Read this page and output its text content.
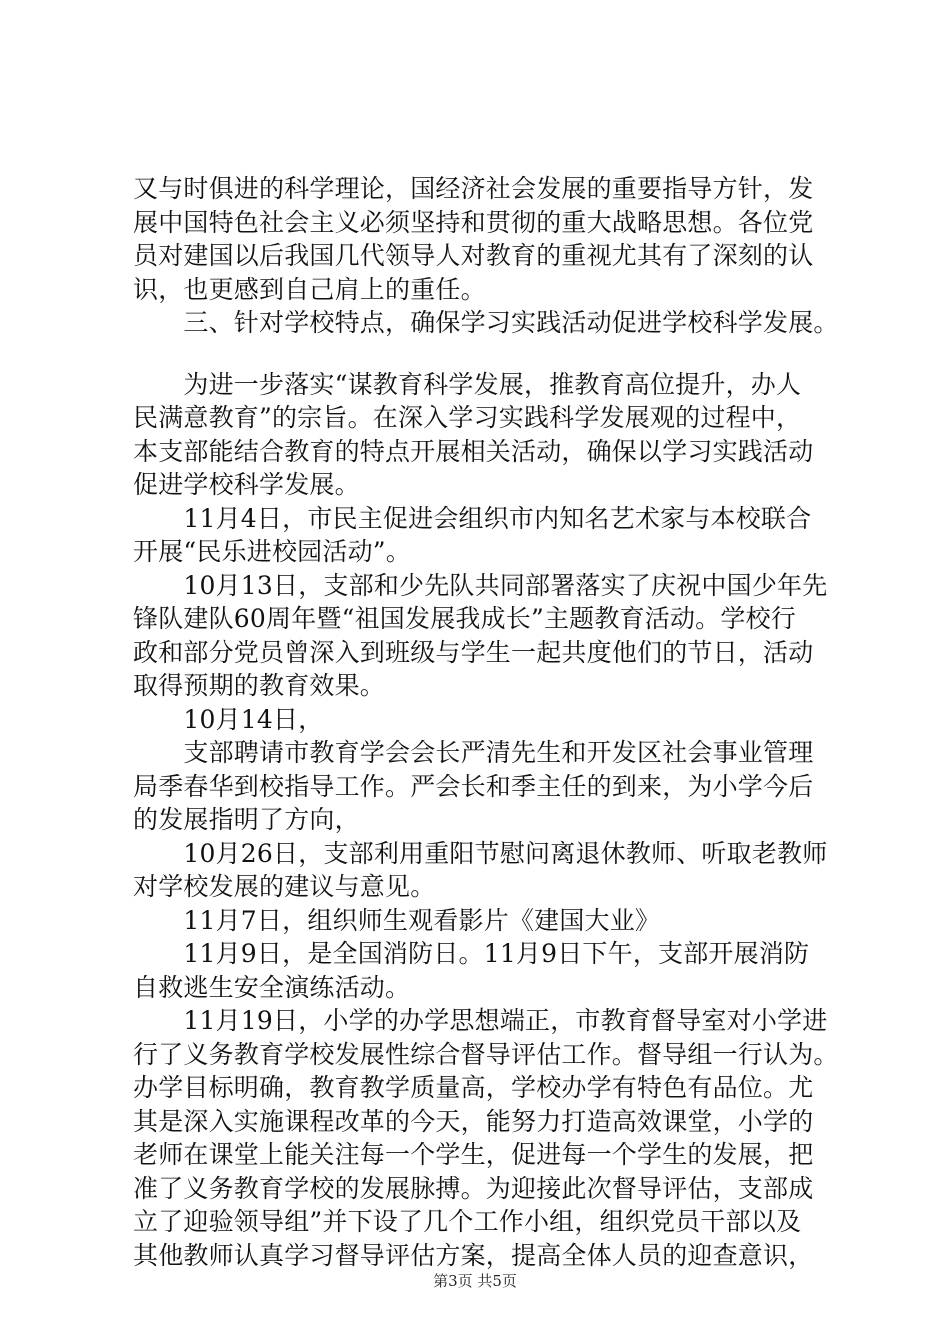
又与时俱进的科学理论，国经济社会发展的重要指导方针，发
展中国特色社会主义必须坚持和贯彻的重大战略思想。各位党
员对建国以后我国几代领导人对教育的重视尤其有了深刻的认
识，也更感到自己肩上的重任。
　　三、针对学校特点，确保学习实践活动促进学校科学发展。
　　为进一步落实“谋教育科学发展，推教育高位提升，办人
民满意教育”的宗旨。在深入学习实践科学发展观的过程中，
本支部能结合教育的特点开展相关活动，确保以学习实践活动
促进学校科学发展。
　　11月4日，市民主促进会组织市内知名艺术家与本校联合
开展“民乐进校园活动”。
　　10月13日，支部和少先队共同部署落实了庆祝中国少年先
锋队建队60周年暨“祖国发展我成长”主题教育活动。学校行
政和部分党员曾深入到班级与学生一起共度他们的节日，活动
取得预期的教育效果。
　　10月14日，
　　支部聘请市教育学会会长严清先生和开发区社会事业管理
局季春华到校指导工作。严会长和季主任的到来，为小学今后
的发展指明了方向，
　　10月26日，支部利用重阳节慰问离退休教师、听取老教师
对学校发展的建议与意见。
　　11月7日，组织师生观看影片《建国大业》
　　11月9日，是全国消防日。11月9日下午，支部开展消防
自救逃生安全演练活动。
　　11月19日，小学的办学思想端正，市教育督导室对小学进
行了义务教育学校发展性综合督导评估工作。督导组一行认为。
办学目标明确，教育教学质量高，学校办学有特色有品位。尤
其是深入实施课程改革的今天，能努力打造高效课堂，小学的
老师在课堂上能关注每一个学生，促进每一个学生的发展，把
准了义务教育学校的发展脉搏。为迎接此次督导评估，支部成
立了迎验领导组”并下设了几个工作小组，组织党员干部以及
其他教师认真学习督导评估方案，提高全体人员的迎查意识，
第3页 共5页
